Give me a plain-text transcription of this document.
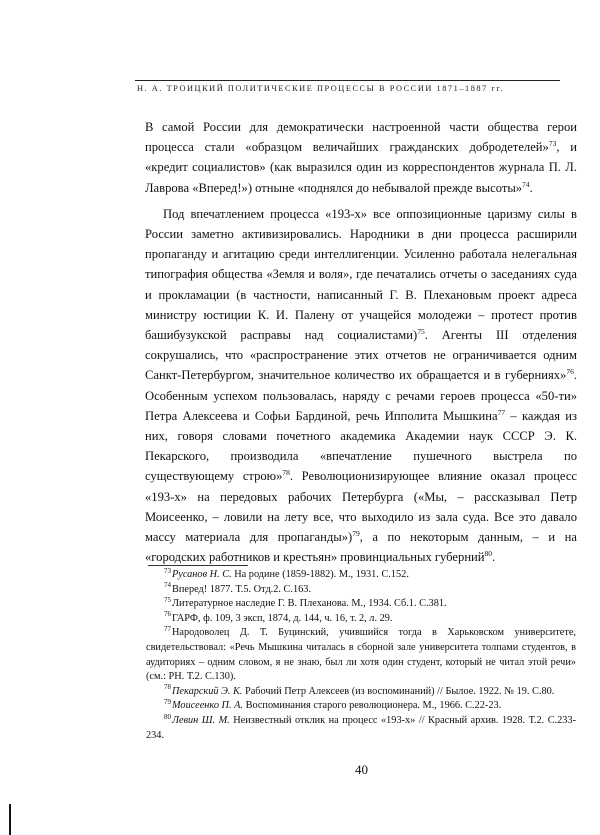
Н. А. ТРОИЦКИЙ ПОЛИТИЧЕСКИЕ ПРОЦЕССЫ В РОССИИ 1871–1887 гг.

В самой России для демократически настроенной части общества герои процесса стали «образцом величайших гражданских добродетелей»$^{73}$, и «кредит социалистов» (как выразился один из корреспондентов журнала П. Л. Лаврова «Вперед!») отныне «поднялся до небывалой прежде высоты»$^{74}$.

Под впечатлением процесса «193-х» все оппозиционные царизму силы в России заметно активизировались. Народники в дни процесса расширили пропаганду и агитацию среди интеллигенции. Усиленно работала нелегальная типография общества «Земля и воля», где печатались отчеты о заседаниях суда и прокламации (в частности, написанный Г. В. Плехановым проект адреса министру юстиции К. И. Палену от учащейся молодежи – протест против башибузукской расправы над социалистами)$^{75}$. Агенты III отделения сокрушались, что «распространение этих отчетов не ограничивается одним Санкт-Петербургом, значительное количество их обращается и в губерниях»$^{76}$. Особенным успехом пользовалась, наряду с речами героев процесса «50-ти» Петра Алексеева и Софьи Бардиной, речь Ипполита Мышкина$^{77}$ – каждая из них, говоря словами почетного академика Академии наук СССР Э. К. Пекарского, производила «впечатление пушечного выстрела по существующему строю»$^{78}$. Революционизирующее влияние оказал процесс «193-х» на передовых рабочих Петербурга («Мы, – рассказывал Петр Моисеенко, – ловили на лету все, что выходило из зала суда. Все это давало массу материала для пропаганды»)$^{79}$, а по некоторым данным, – и на «городских работников и крестьян» провинциальных губерний$^{80}$.

$^{73}$Русанов Н. С. На родине (1859-1882). М., 1931. С.152.

$^{74}$Вперед! 1877. Т.5. Отд.2. С.163.

$^{75}$Литературное наследие Г. В. Плеханова. М., 1934. Сб.1. С.381.

$^{76}$ГАРФ, ф. 109, 3 эксп, 1874, д. 144, ч. 16, т. 2, л. 29.

$^{77}$Народоволец Д. Т. Буцинский, учившийся тогда в Харьковском университете, свидетельствовал: «Речь Мышкина читалась в сборной зале университета толпами студентов, в аудиториях – одним словом, я не знаю, был ли хотя один студент, который не читал этой речи» (см.: РН. Т.2. С.130).

$^{78}$Пекарский Э. К. Рабочий Петр Алексеев (из воспоминаний) // Былое. 1922. № 19. С.80.

$^{79}$Моисеенко П. А. Воспоминания старого революционера. М., 1966. С.22-23.

$^{80}$Левин Ш. М. Неизвестный отклик на процесс «193-х» // Красный архив. 1928. Т.2. С.233-234.

40
